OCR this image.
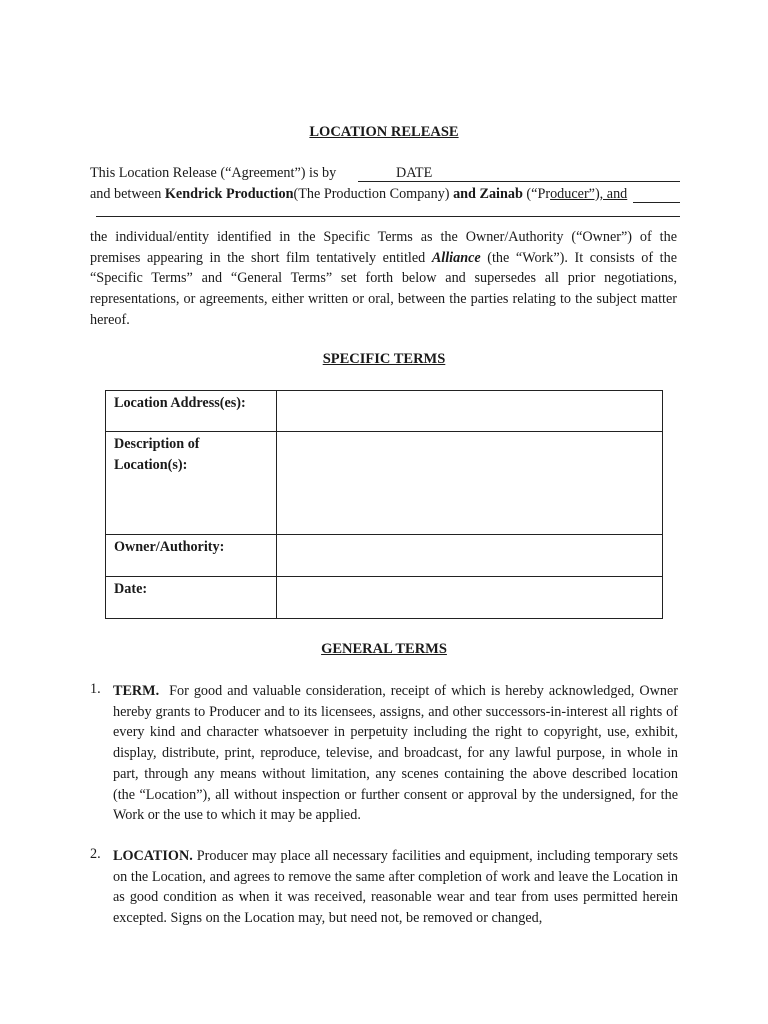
LOCATION RELEASE
This Location Release (“Agreement”) is by	DATE
and between Kendrick Production(The Production Company) and Zainab (“Producer”), and
the individual/entity identified in the Specific Terms as the Owner/Authority (“Owner”) of the premises appearing in the short film tentatively entitled Alliance (the “Work”). It consists of the “Specific Terms” and “General Terms” set forth below and supersedes all prior negotiations, representations, or agreements, either written or oral, between the parties relating to the subject matter hereof.
SPECIFIC TERMS
Location Address(es):	
Description of Location(s):	
Owner/Authority:	
Date:	
GENERAL TERMS
1. TERM. For good and valuable consideration, receipt of which is hereby acknowledged, Owner hereby grants to Producer and to its licensees, assigns, and other successors-in-interest all rights of every kind and character whatsoever in perpetuity including the right to copyright, use, exhibit, display, distribute, print, reproduce, televise, and broadcast, for any lawful purpose, in whole in part, through any means without limitation, any scenes containing the above described location (the “Location”), all without inspection or further consent or approval by the undersigned, for the Work or the use to which it may be applied.
2. LOCATION. Producer may place all necessary facilities and equipment, including temporary sets on the Location, and agrees to remove the same after completion of work and leave the Location in as good condition as when it was received, reasonable wear and tear from uses permitted herein excepted. Signs on the Location may, but need not, be removed or changed,
